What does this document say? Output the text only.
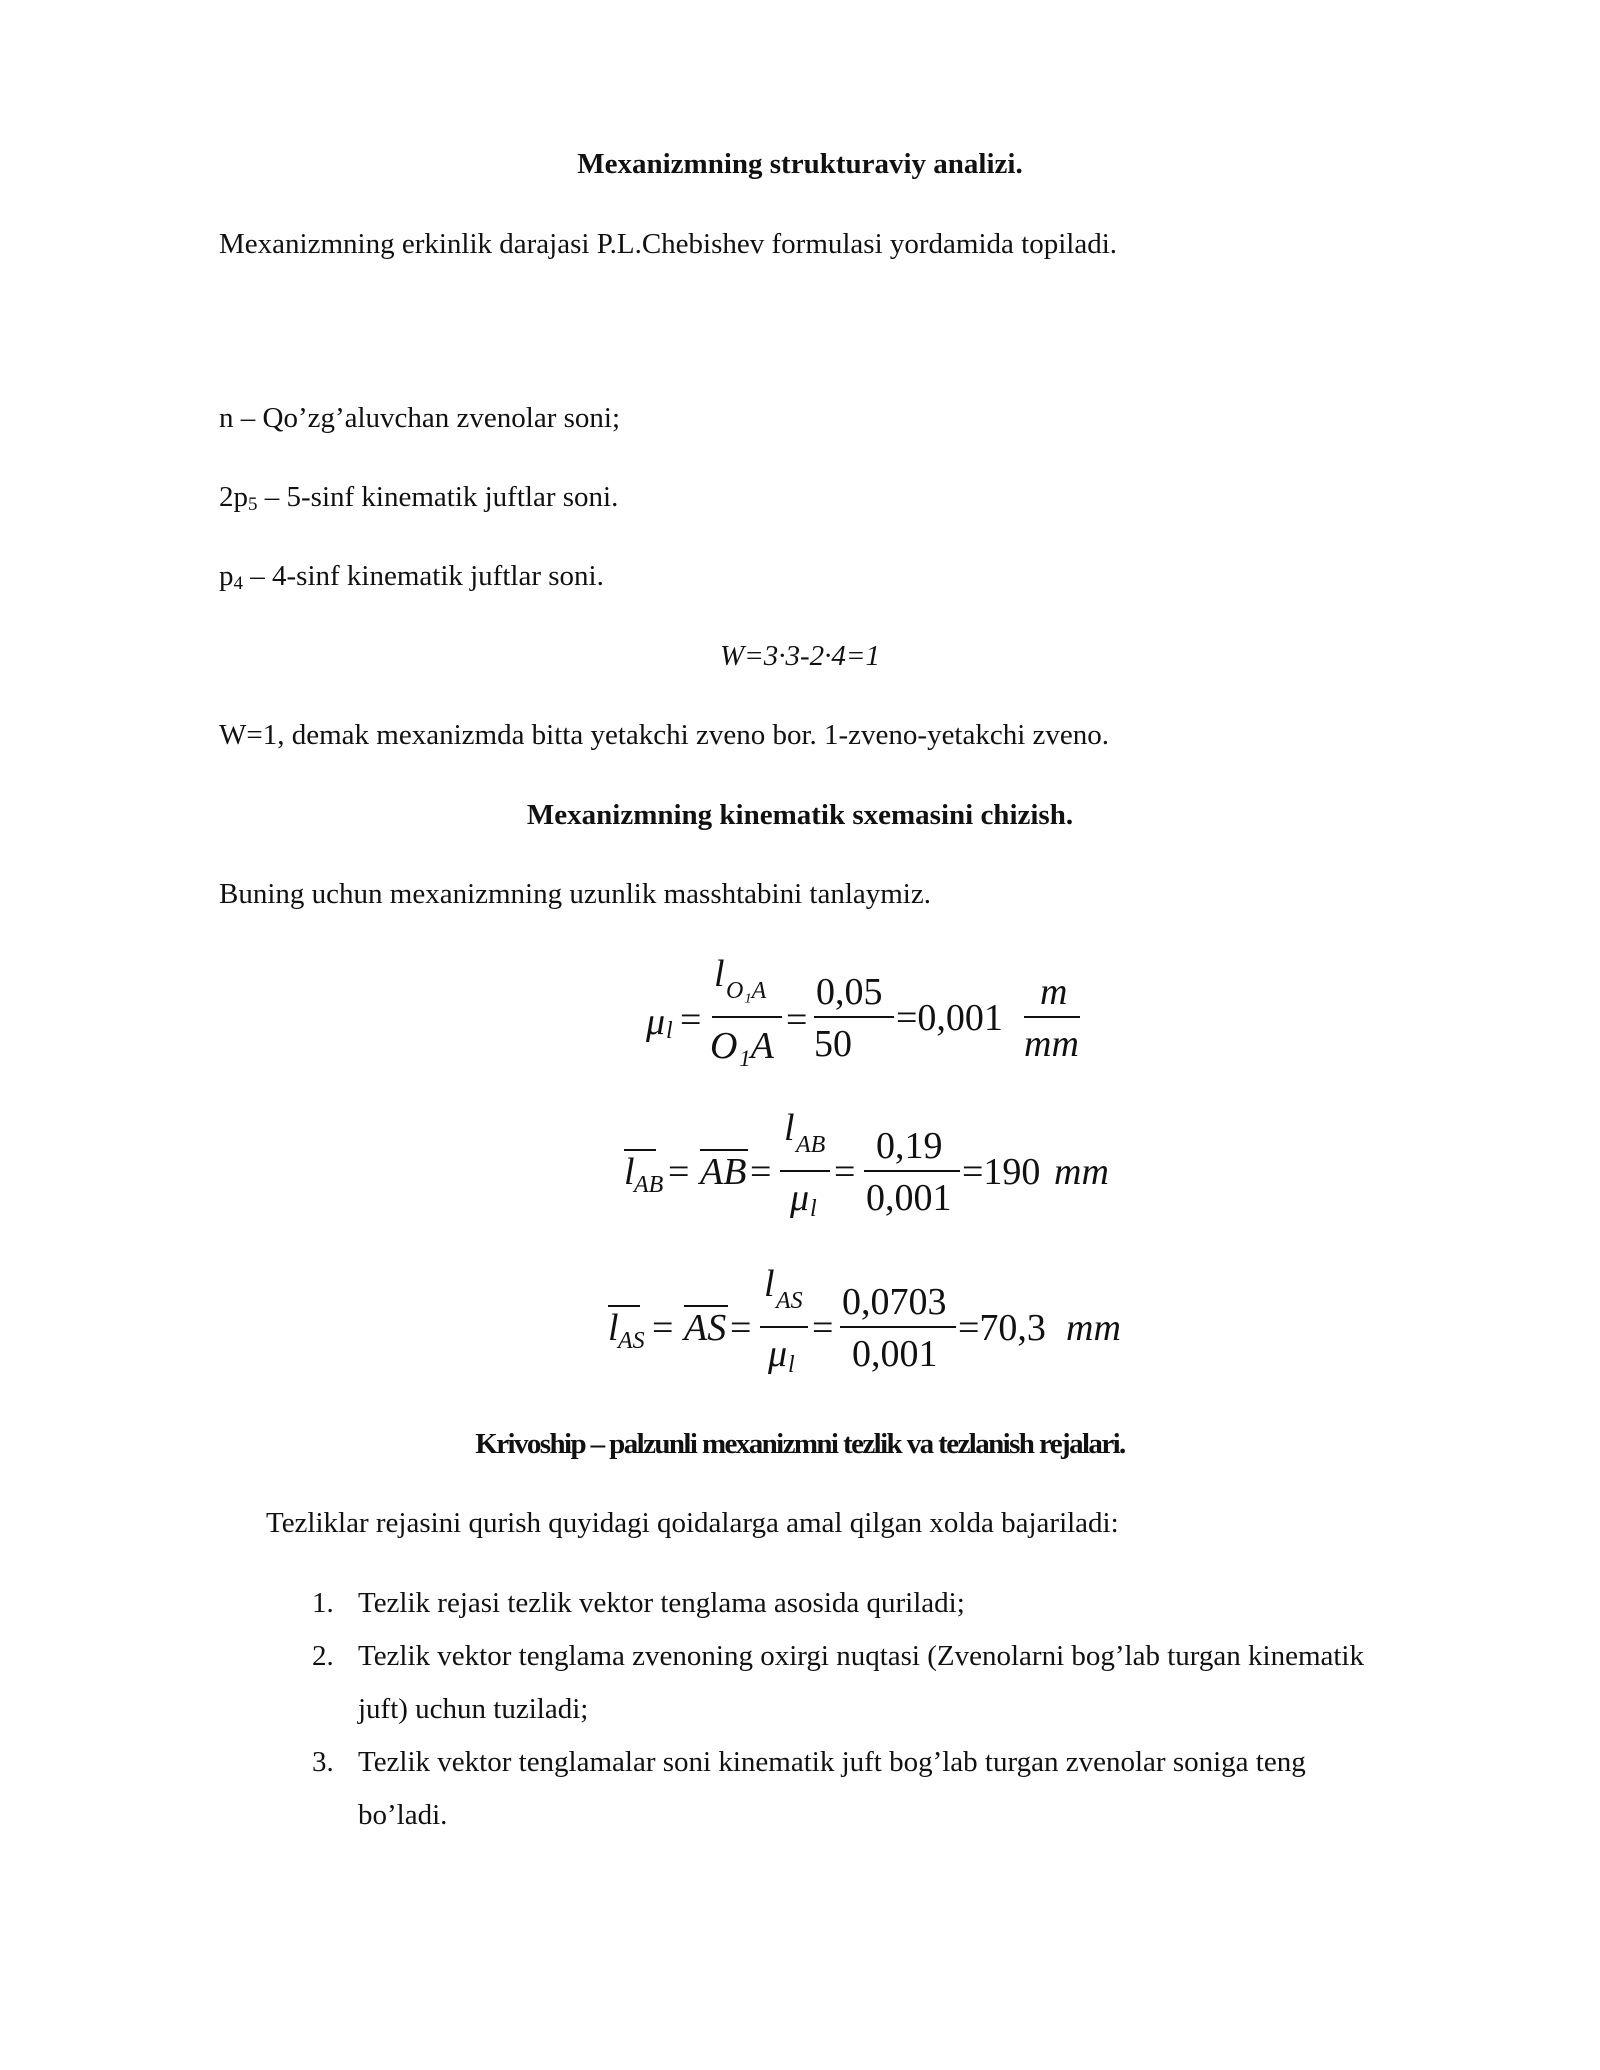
Mexanizmning strukturaviy analizi.
Mexanizmning erkinlik darajasi P.L.Chebishev formulasi yordamida topiladi.
n – Qo’zg’aluvchan zvenolar soni;
$2p_5 - 5-\sin f$ kinematik juftlar soni.
$p_4 - 4-\sin f$ kinematik juftlar soni.
W=3·3-2·4=1
W=1, demak mexanizmda bitta yetakchi zveno bor. 1-zveno-yetakchi zveno.
Mexanizmning kinematik sxemasini chizish.
Buning uchun mexanizmning uzunlik masshtabini tanlaymiz.
μ l =
l O₁A
O₁A
=
0,05
50
=0,001
m
mm
l AB = AB =
l AB
μ l
=
0,19
0,001
=190 mm
l AS = AS =
l AS
μ l
=
0,0703
0,001
=70,3 mm
Krivoship – palzunli mexanizmni tezlik va tezlanish rejalari.
Tezliklar rejasini qurish quyidagi qoidalarga amal qilgan xolda bajariladi:
1. Tezlik rejasi tezlik vektor tenglama asosida quriladi;
2. Tezlik vektor tenglama zvenoning oxirgi nuqtasi (Zvenolarni bog’lab turgan kinematik
juft) uchun tuziladi;
3. Tezlik vektor tenglamalar soni kinematik juft bog’lab turgan zvenolar soniga teng
bo’ladi.
